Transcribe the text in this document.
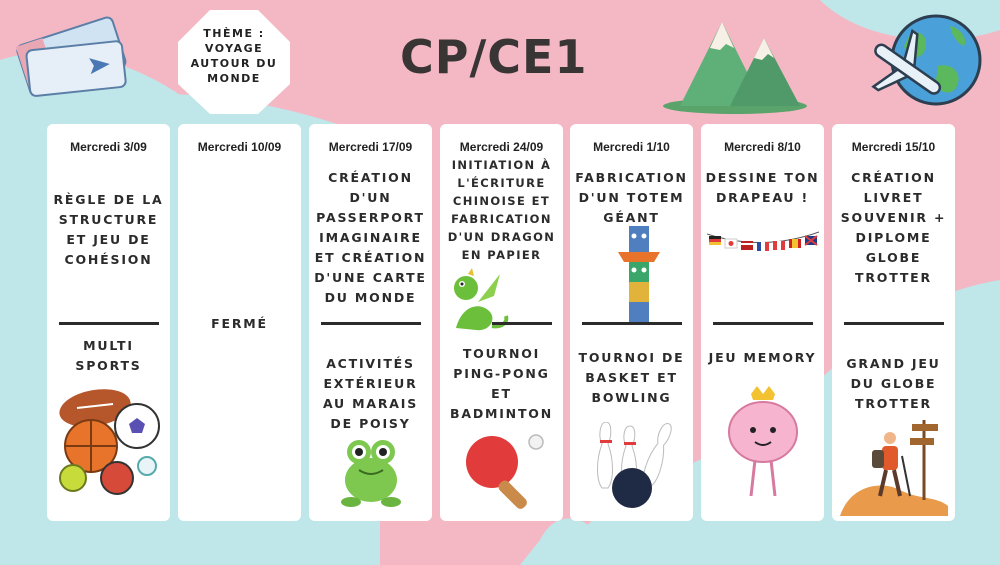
THÈME : VOYAGE AUTOUR DU MONDE	CP/CE1
Mercredi 3/09
RÈGLE DE LA STRUCTURE ET JEU DE COHÉSION
MULTI SPORTS
Mercredi 10/09
FERMÉ
Mercredi 17/09
CRÉATION D'UN PASSERPORT IMAGINAIRE ET CRÉATION D'UNE CARTE DU MONDE
ACTIVITÉS EXTÉRIEUR AU MARAIS DE POISY
Mercredi 24/09
INITIATION À L'ÉCRITURE CHINOISE ET FABRICATION D'UN DRAGON EN PAPIER
TOURNOI PING-PONG ET BADMINTON
Mercredi 1/10
FABRICATION D'UN TOTEM GÉANT
TOURNOI DE BASKET ET BOWLING
Mercredi 8/10
DESSINE TON DRAPEAU !
JEU MEMORY
Mercredi 15/10
CRÉATION LIVRET SOUVENIR + DIPLOME GLOBE TROTTER
GRAND JEU DU GLOBE TROTTER
